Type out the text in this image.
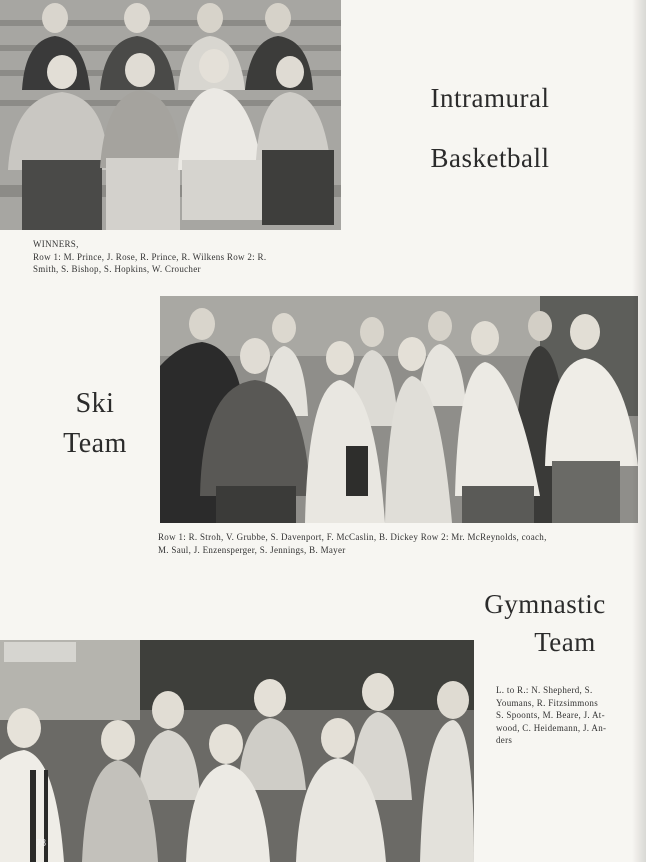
Intramural
Basketball
WINNERS,
Row 1: M. Prince, J. Rose, R. Prince, R. Wilkens Row 2: R.
Smith, S. Bishop, S. Hopkins, W. Croucher
Ski
Team
Row 1: R. Stroh, V. Grubbe, S. Davenport, F. McCaslin, B. Dickey Row 2: Mr. McReynolds, coach,
M. Saul, J. Enzensperger, S. Jennings, B. Mayer
Gymnastic
Team
L. to R.: N. Shepherd, S.
Youmans, R. Fitzsimmons
S. Spoonts, M. Beare, J. At-
wood, C. Heidemann, J. An-
ders
78
